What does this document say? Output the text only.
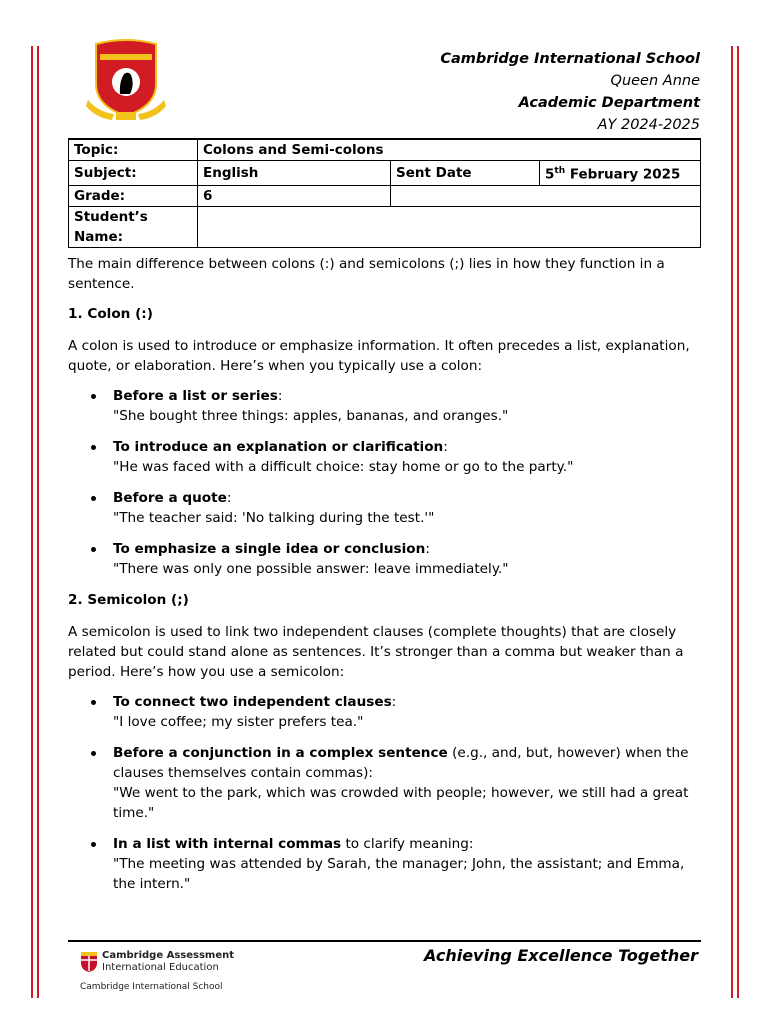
Cambridge International School
Queen Anne
Academic Department
AY 2024-2025
Topic:	Colons and Semi-colons		
Subject:	English	Sent Date	5th February 2025
Grade:	6		
Student’s Name:			

The main difference between colons (:) and semicolons (;) lies in how they function in a sentence.

1. Colon (:)

A colon is used to introduce or emphasize information. It often precedes a list, explanation, quote, or elaboration. Here’s when you typically use a colon:

Before a list or series:
"She bought three things: apples, bananas, and oranges."
To introduce an explanation or clarification:
"He was faced with a difficult choice: stay home or go to the party."
Before a quote:
"The teacher said: 'No talking during the test.'"
To emphasize a single idea or conclusion:
"There was only one possible answer: leave immediately."

2. Semicolon (;)

A semicolon is used to link two independent clauses (complete thoughts) that are closely related but could stand alone as sentences. It’s stronger than a comma but weaker than a period. Here’s how you use a semicolon:

To connect two independent clauses:
"I love coffee; my sister prefers tea."
Before a conjunction in a complex sentence (e.g., and, but, however) when the clauses themselves contain commas):
"We went to the park, which was crowded with people; however, we still had a great time."
In a list with internal commas to clarify meaning:
"The meeting was attended by Sarah, the manager; John, the assistant; and Emma, the intern."
Cambridge Assessment
International Education
Cambridge International School
Achieving Excellence Together
